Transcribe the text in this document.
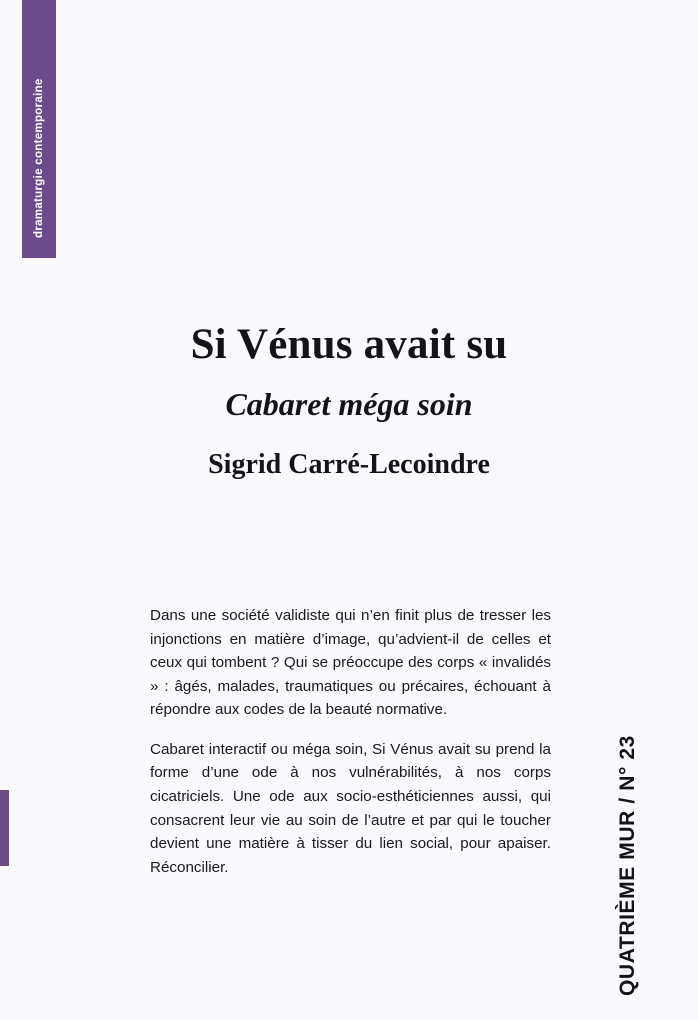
dramaturgie contemporaine
Si Vénus avait su
Cabaret méga soin
Sigrid Carré-Lecoindre

Dans une société validiste qui n’en finit plus de tresser les injonctions en matière d’image, qu’advient-il de celles et ceux qui tombent ? Qui se préoccupe des corps « invalidés » : âgés, malades, traumatiques ou précaires, échouant à répondre aux codes de la beauté normative.

Cabaret interactif ou méga soin, Si Vénus avait su prend la forme d’une ode à nos vulnérabilités, à nos corps cicatriciels. Une ode aux socio-esthéticiennes aussi, qui consacrent leur vie au soin de l’autre et par qui le toucher devient une matière à tisser du lien social, pour apaiser. Réconcilier.	QUATRIÈME MUR / N° 23
